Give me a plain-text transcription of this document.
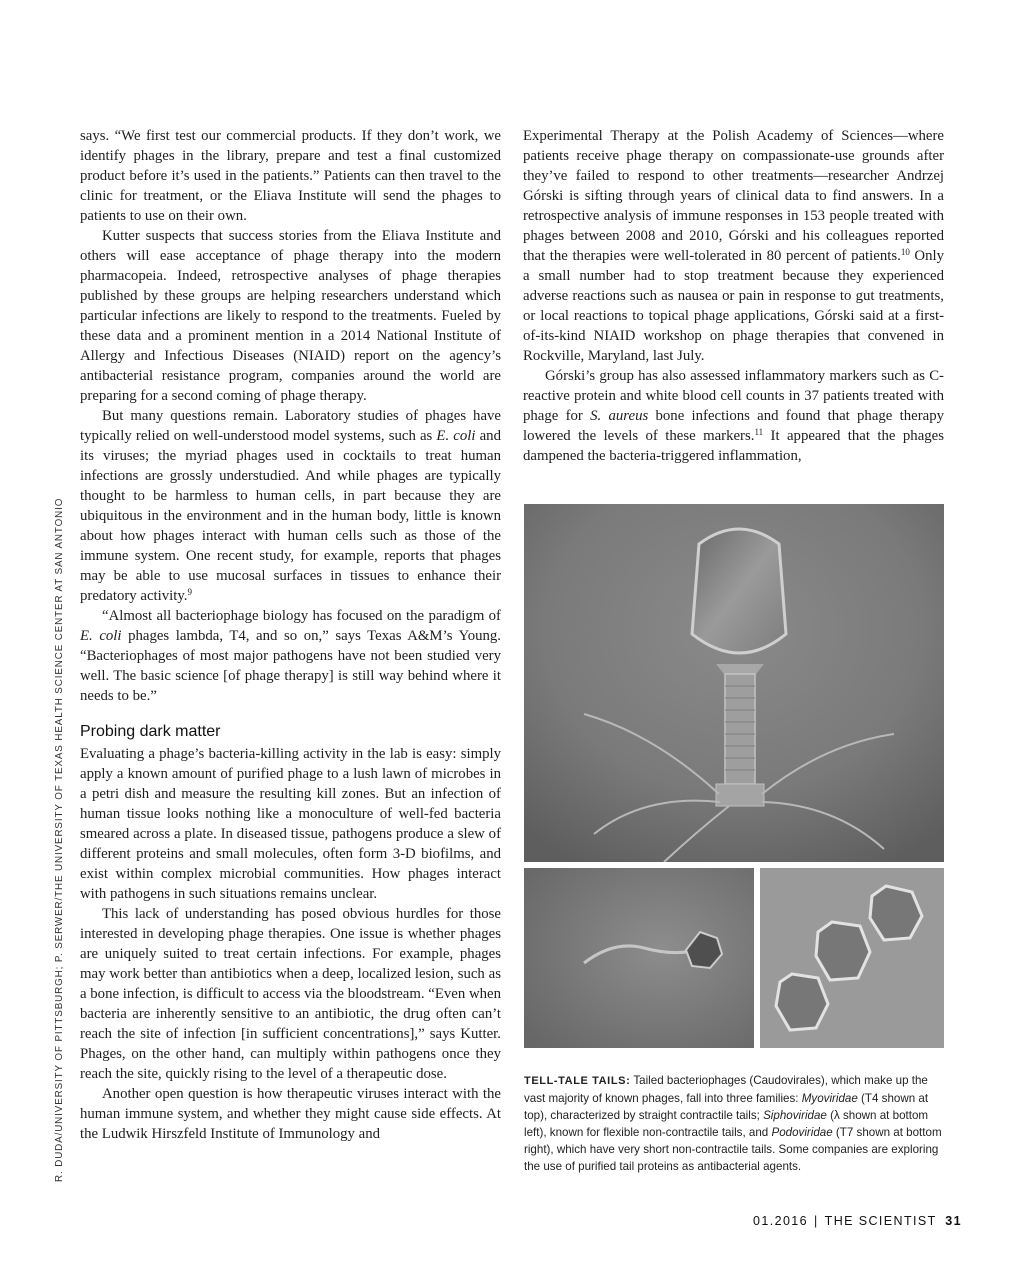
R. DUDA/UNIVERSITY OF PITTSBURGH; P. SERWER/THE UNIVERSITY OF TEXAS HEALTH SCIENCE CENTER AT SAN ANTONIO

says. “We first test our commercial products. If they don’t work, we identify phages in the library, prepare and test a final customized product before it’s used in the patients.” Patients can then travel to the clinic for treatment, or the Eliava Institute will send the phages to patients to use on their own.

Kutter suspects that success stories from the Eliava Institute and others will ease acceptance of phage therapy into the modern pharmacopeia. Indeed, retrospective analyses of phage therapies published by these groups are helping researchers understand which particular infections are likely to respond to the treatments. Fueled by these data and a prominent mention in a 2014 National Institute of Allergy and Infectious Diseases (NIAID) report on the agency’s antibacterial resistance program, companies around the world are preparing for a second coming of phage therapy.

But many questions remain. Laboratory studies of phages have typically relied on well-understood model systems, such as E. coli and its viruses; the myriad phages used in cocktails to treat human infections are grossly understudied. And while phages are typically thought to be harmless to human cells, in part because they are ubiquitous in the environment and in the human body, little is known about how phages interact with human cells such as those of the immune system. One recent study, for example, reports that phages may be able to use mucosal surfaces in tissues to enhance their predatory activity.$^9$

“Almost all bacteriophage biology has focused on the paradigm of E. coli phages lambda, T4, and so on,” says Texas A&M’s Young. “Bacteriophages of most major pathogens have not been studied very well. The basic science [of phage therapy] is still way behind where it needs to be.”

Probing dark matter

Evaluating a phage’s bacteria-killing activity in the lab is easy: simply apply a known amount of purified phage to a lush lawn of microbes in a petri dish and measure the resulting kill zones. But an infection of human tissue looks nothing like a monoculture of well-fed bacteria smeared across a plate. In diseased tissue, pathogens produce a slew of different proteins and small molecules, often form 3-D biofilms, and exist within complex microbial communities. How phages interact with pathogens in such situations remains unclear.

This lack of understanding has posed obvious hurdles for those interested in developing phage therapies. One issue is whether phages are uniquely suited to treat certain infections. For example, phages may work better than antibiotics when a deep, localized lesion, such as a bone infection, is difficult to access via the bloodstream. “Even when bacteria are inherently sensitive to an antibiotic, the drug often can’t reach the site of infection [in sufficient concentrations],” says Kutter. Phages, on the other hand, can multiply within pathogens once they reach the site, quickly rising to the level of a therapeutic dose.

Another open question is how therapeutic viruses interact with the human immune system, and whether they might cause side effects. At the Ludwik Hirszfeld Institute of Immunology and

Experimental Therapy at the Polish Academy of Sciences—where patients receive phage therapy on compassionate-use grounds after they’ve failed to respond to other treatments—researcher Andrzej Górski is sifting through years of clinical data to find answers. In a retrospective analysis of immune responses in 153 people treated with phages between 2008 and 2010, Górski and his colleagues reported that the therapies were well-tolerated in 80 percent of patients.$^{10}$ Only a small number had to stop treatment because they experienced adverse reactions such as nausea or pain in response to gut treatments, or local reactions to topical phage applications, Górski said at a first-of-its-kind NIAID workshop on phage therapies that convened in Rockville, Maryland, last July.

Górski’s group has also assessed inflammatory markers such as C-reactive protein and white blood cell counts in 37 patients treated with phage for S. aureus bone infections and found that phage therapy lowered the levels of these markers.$^{11}$ It appeared that the phages dampened the bacteria-triggered inflammation,

TELL-TALE TAILS: Tailed bacteriophages (Caudovirales), which make up the vast majority of known phages, fall into three families: Myoviridae (T4 shown at top), characterized by straight contractile tails; Siphoviridae (λ shown at bottom left), known for flexible non-contractile tails, and Podoviridae (T7 shown at bottom right), which have very short non-contractile tails. Some companies are exploring the use of purified tail proteins as antibacterial agents.
01.2016 | THE SCIENTIST 31
